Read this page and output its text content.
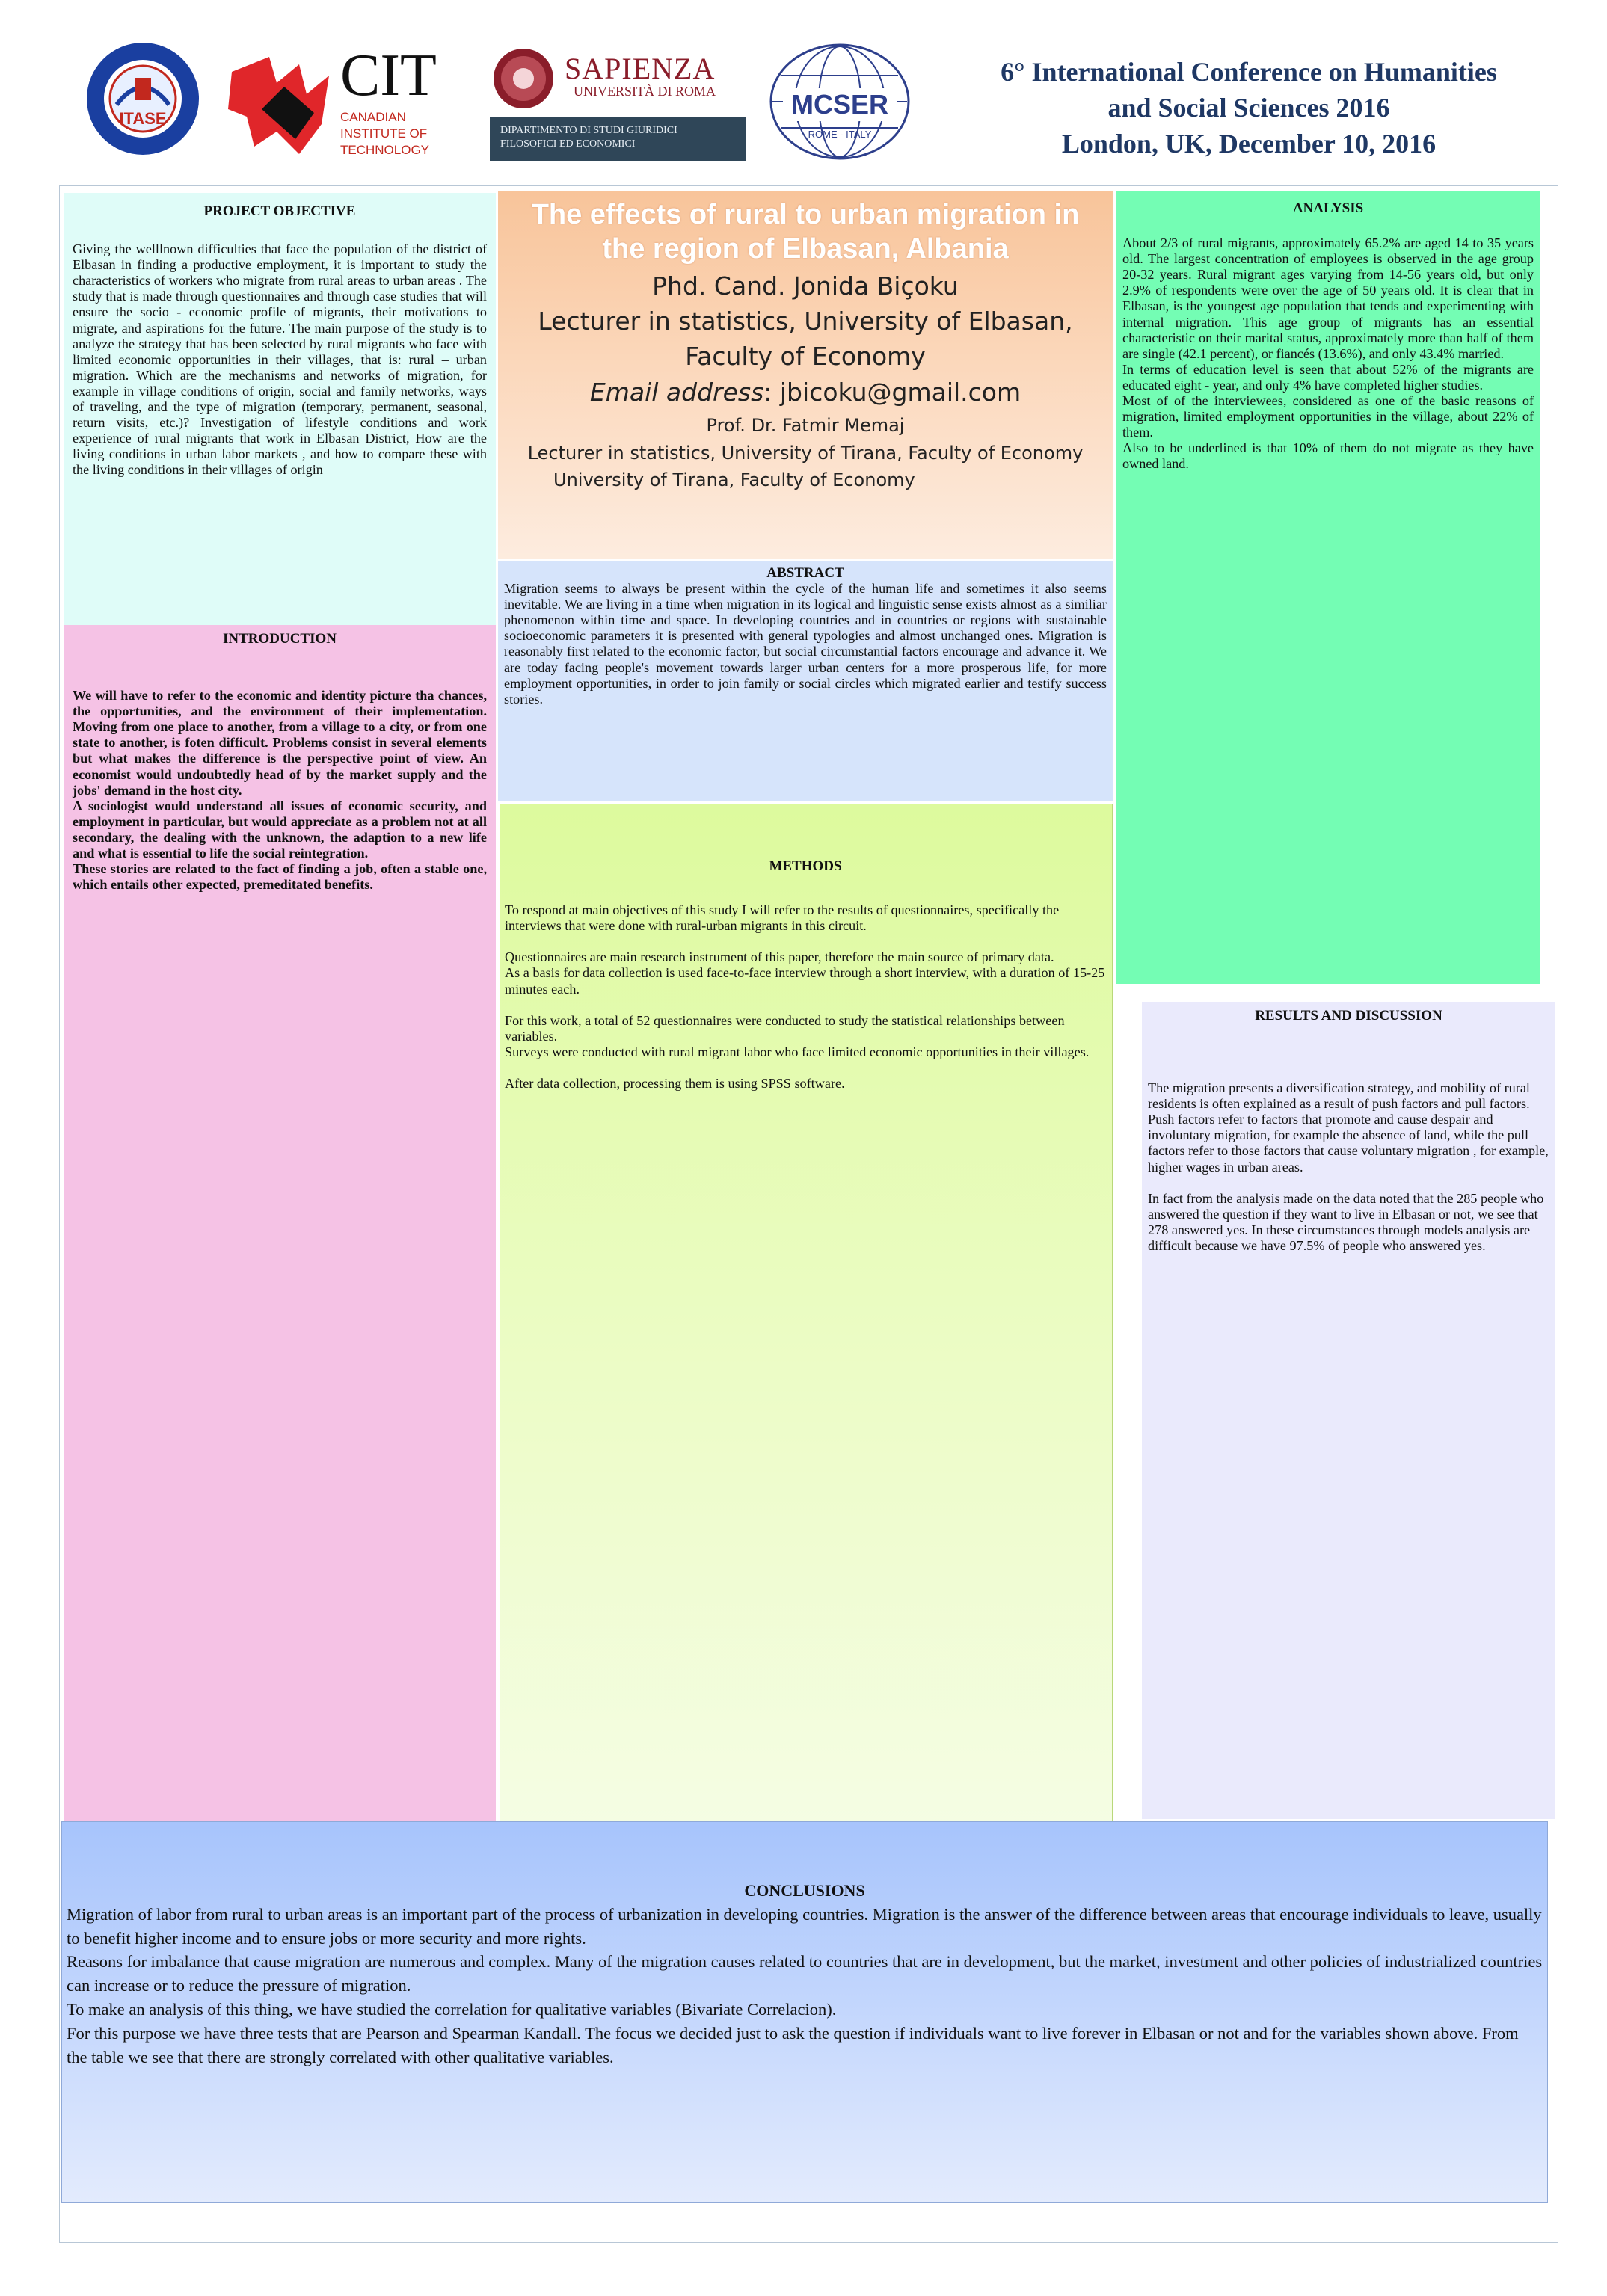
ITASE
CIT
CANADIAN INSTITUTE OF TECHNOLOGY
SAPIENZA
UNIVERSITÀ DI ROMA
DIPARTIMENTO DI STUDI GIURIDICI FILOSOFICI ED ECONOMICI
MCSER
ROME - ITALY
6° International Conference on Humanities
and Social Sciences 2016
London, UK, December 10, 2016

PROJECT OBJECTIVE

Giving the welllnown difficulties that face the population of the district of Elbasan in finding a productive employment, it is important to study the characteristics of workers who migrate from rural areas to urban areas . The study that is made through questionnaires and through case studies that will ensure the socio - economic profile of migrants, their motivations to migrate, and aspirations for the future. The main purpose of the study is to analyze the strategy that has been selected by rural migrants who face with limited economic opportunities in their villages, that is: rural – urban migration. Which are the mechanisms and networks of migration, for example in village conditions of origin, social and family networks, ways of traveling, and the type of migration (temporary, permanent, seasonal, return visits, etc.)? Investigation of lifestyle conditions and work experience of rural migrants that work in Elbasan District, How are the living conditions in urban labor markets , and how to compare these with the living conditions in their villages of origin

INTRODUCTION

We will have to refer to the economic and identity picture tha chances, the opportunities, and the environment of their implementation. Moving from one place to another, from a village to a city, or from one state to another, is foten difficult. Problems consist in several elements but what makes the difference is the perspective point of view. An economist would undoubtedly head of by the market supply and the jobs' demand in the host city.

A sociologist would understand all issues of economic security, and employment in particular, but would appreciate as a problem not at all secondary, the dealing with the unknown, the adaption to a new life and what is essential to life the social reintegration.

These stories are related to the fact of finding a job, often a stable one, which entails other expected, premeditated benefits.

The effects of rural to urban migration in the region of Elbasan, Albania
Phd. Cand. Jonida Biçoku
Lecturer in statistics, University of Elbasan, Faculty of Economy
Email address: jbicoku@gmail.com
Prof. Dr. Fatmir Memaj
Lecturer in statistics, University of Tirana, Faculty of Economy
University of Tirana, Faculty of Economy

ABSTRACT

Migration seems to always be present within the cycle of the human life and sometimes it also seems inevitable. We are living in a time when migration in its logical and linguistic sense exists almost as a similiar phenomenon within time and space. In developing countries and in countries or regions with sustainable socioeconomic parameters it is presented with general typologies and almost unchanged ones. Migration is reasonably first related to the economic factor, but social circumstantial factors encourage and advance it. We are today facing people's movement towards larger urban centers for a more prosperous life, for more employment opportunities, in order to join family or social circles which migrated earlier and testify success stories.

METHODS

To respond at main objectives of this study I will refer to the results of questionnaires, specifically the interviews that were done with rural-urban migrants in this circuit.

Questionnaires are main research instrument of this paper, therefore the main source of primary data.
As a basis for data collection is used face-to-face interview through a short interview, with a duration of 15-25 minutes each.

For this work, a total of 52 questionnaires were conducted to study the statistical relationships between variables.
Surveys were conducted with rural migrant labor who face limited economic opportunities in their villages.

After data collection, processing them is using SPSS software.

ANALYSIS

About 2/3 of rural migrants, approximately 65.2% are aged 14 to 35 years old. The largest concentration of employees is observed in the age group 20-32 years. Rural migrant ages varying from 14-56 years old, but only 2.9% of respondents were over the age of 50 years old. It is clear that in Elbasan, is the youngest age population that tends and experimenting with internal migration. This age group of migrants has an essential characteristic on their marital status, approximately more than half of them are single (42.1 percent), or fiancés (13.6%), and only 43.4% married.

In terms of education level is seen that about 52% of the migrants are educated eight - year, and only 4% have completed higher studies.

Most of of the interviewees, considered as one of the basic reasons of migration, limited employment opportunities in the village, about 22% of them.

Also to be underlined is that 10% of them do not migrate as they have owned land.

RESULTS AND DISCUSSION

The migration presents a diversification strategy, and mobility of rural residents is often explained as a result of push factors and pull factors.
Push factors refer to factors that promote and cause despair and involuntary migration, for example the absence of land, while the pull factors refer to those factors that cause voluntary migration , for example, higher wages in urban areas.

In fact from the analysis made on the data noted that the 285 people who answered the question if they want to live in Elbasan or not, we see that 278 answered yes. In these circumstances through models analysis are difficult because we have 97.5% of people who answered yes.

CONCLUSIONS

Migration of labor from rural to urban areas is an important part of the process of urbanization in developing countries. Migration is the answer of the difference between areas that encourage individuals to leave, usually to benefit higher income and to ensure jobs or more security and more rights.
Reasons for imbalance that cause migration are numerous and complex. Many of the migration causes related to countries that are in development, but the market, investment and other policies of industrialized countries can increase or to reduce the pressure of migration.
To make an analysis of this thing, we have studied the correlation for qualitative variables (Bivariate Correlacion).
For this purpose we have three tests that are Pearson and Spearman Kandall. The focus we decided just to ask the question if individuals want to live forever in Elbasan or not and for the variables shown above. From the table we see that there are strongly correlated with other qualitative variables.
